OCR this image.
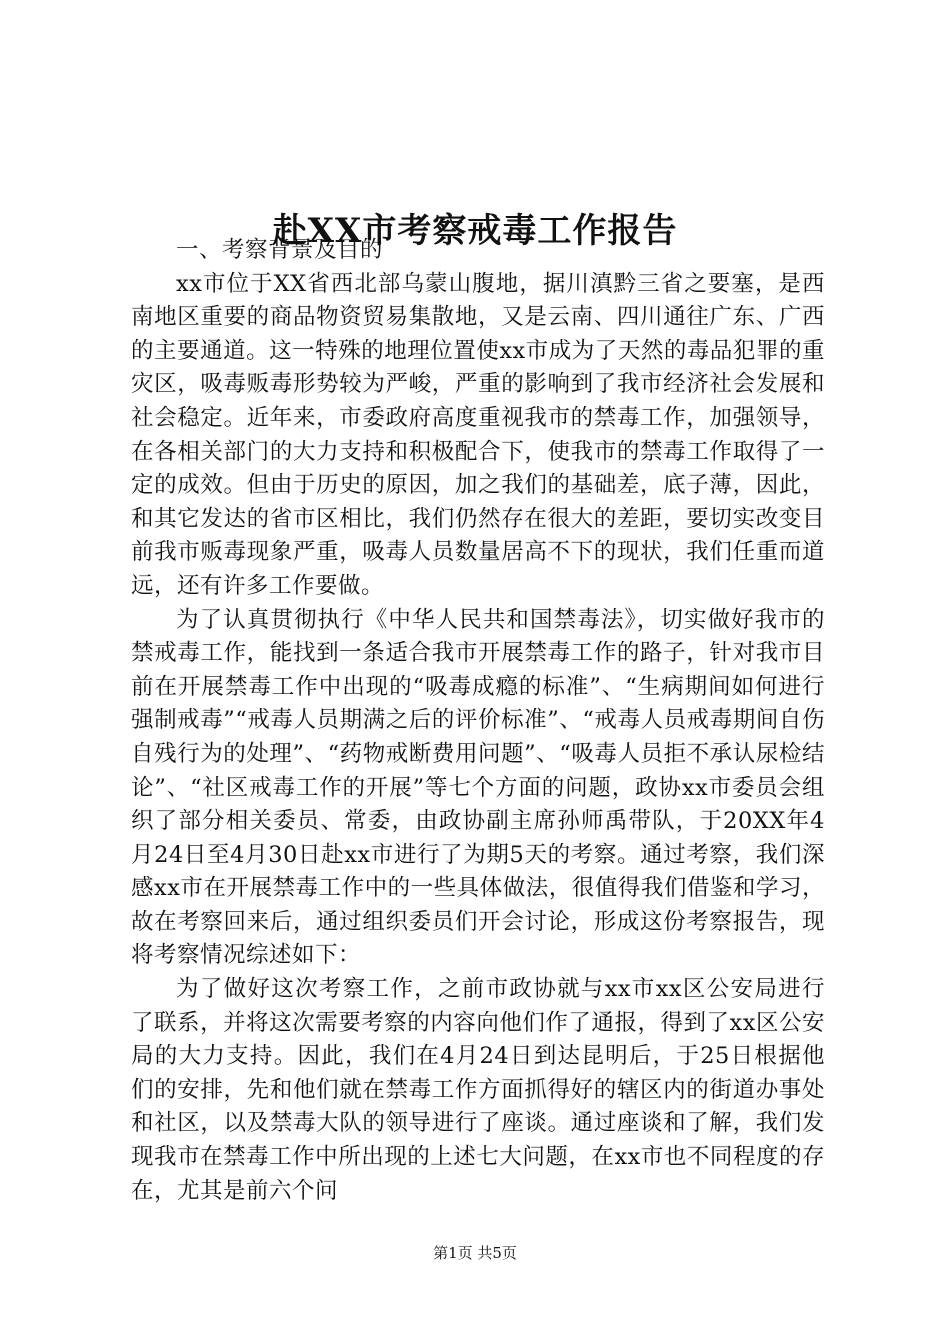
赴XX市考察戒毒工作报告

一、考察背景及目的

xx市位于XX省西北部乌蒙山腹地，据川滇黔三省之要塞，是西南地区重要的商品物资贸易集散地，又是云南、四川通往广东、广西的主要通道。这一特殊的地理位置使xx市成为了天然的毒品犯罪的重灾区，吸毒贩毒形势较为严峻，严重的影响到了我市经济社会发展和社会稳定。近年来，市委政府高度重视我市的禁毒工作，加强领导，在各相关部门的大力支持和积极配合下，使我市的禁毒工作取得了一定的成效。但由于历史的原因，加之我们的基础差，底子薄，因此，和其它发达的省市区相比，我们仍然存在很大的差距，要切实改变目前我市贩毒现象严重，吸毒人员数量居高不下的现状，我们任重而道远，还有许多工作要做。

为了认真贯彻执行《中华人民共和国禁毒法》，切实做好我市的禁戒毒工作，能找到一条适合我市开展禁毒工作的路子，针对我市目前在开展禁毒工作中出现的“吸毒成瘾的标准”、“生病期间如何进行强制戒毒”“戒毒人员期满之后的评价标准”、“戒毒人员戒毒期间自伤自残行为的处理”、“药物戒断费用问题”、“吸毒人员拒不承认尿检结论”、“社区戒毒工作的开展”等七个方面的问题，政协xx市委员会组织了部分相关委员、常委，由政协副主席孙师禹带队，于20XX年4月24日至4月30日赴xx市进行了为期5天的考察。通过考察，我们深感xx市在开展禁毒工作中的一些具体做法，很值得我们借鉴和学习，故在考察回来后，通过组织委员们开会讨论，形成这份考察报告，现将考察情况综述如下：

为了做好这次考察工作，之前市政协就与xx市xx区公安局进行了联系，并将这次需要考察的内容向他们作了通报，得到了xx区公安局的大力支持。因此，我们在4月24日到达昆明后，于25日根据他们的安排，先和他们就在禁毒工作方面抓得好的辖区内的街道办事处和社区，以及禁毒大队的领导进行了座谈。通过座谈和了解，我们发现我市在禁毒工作中所出现的上述七大问题，在xx市也不同程度的存在，尤其是前六个问

第1页 共5页
